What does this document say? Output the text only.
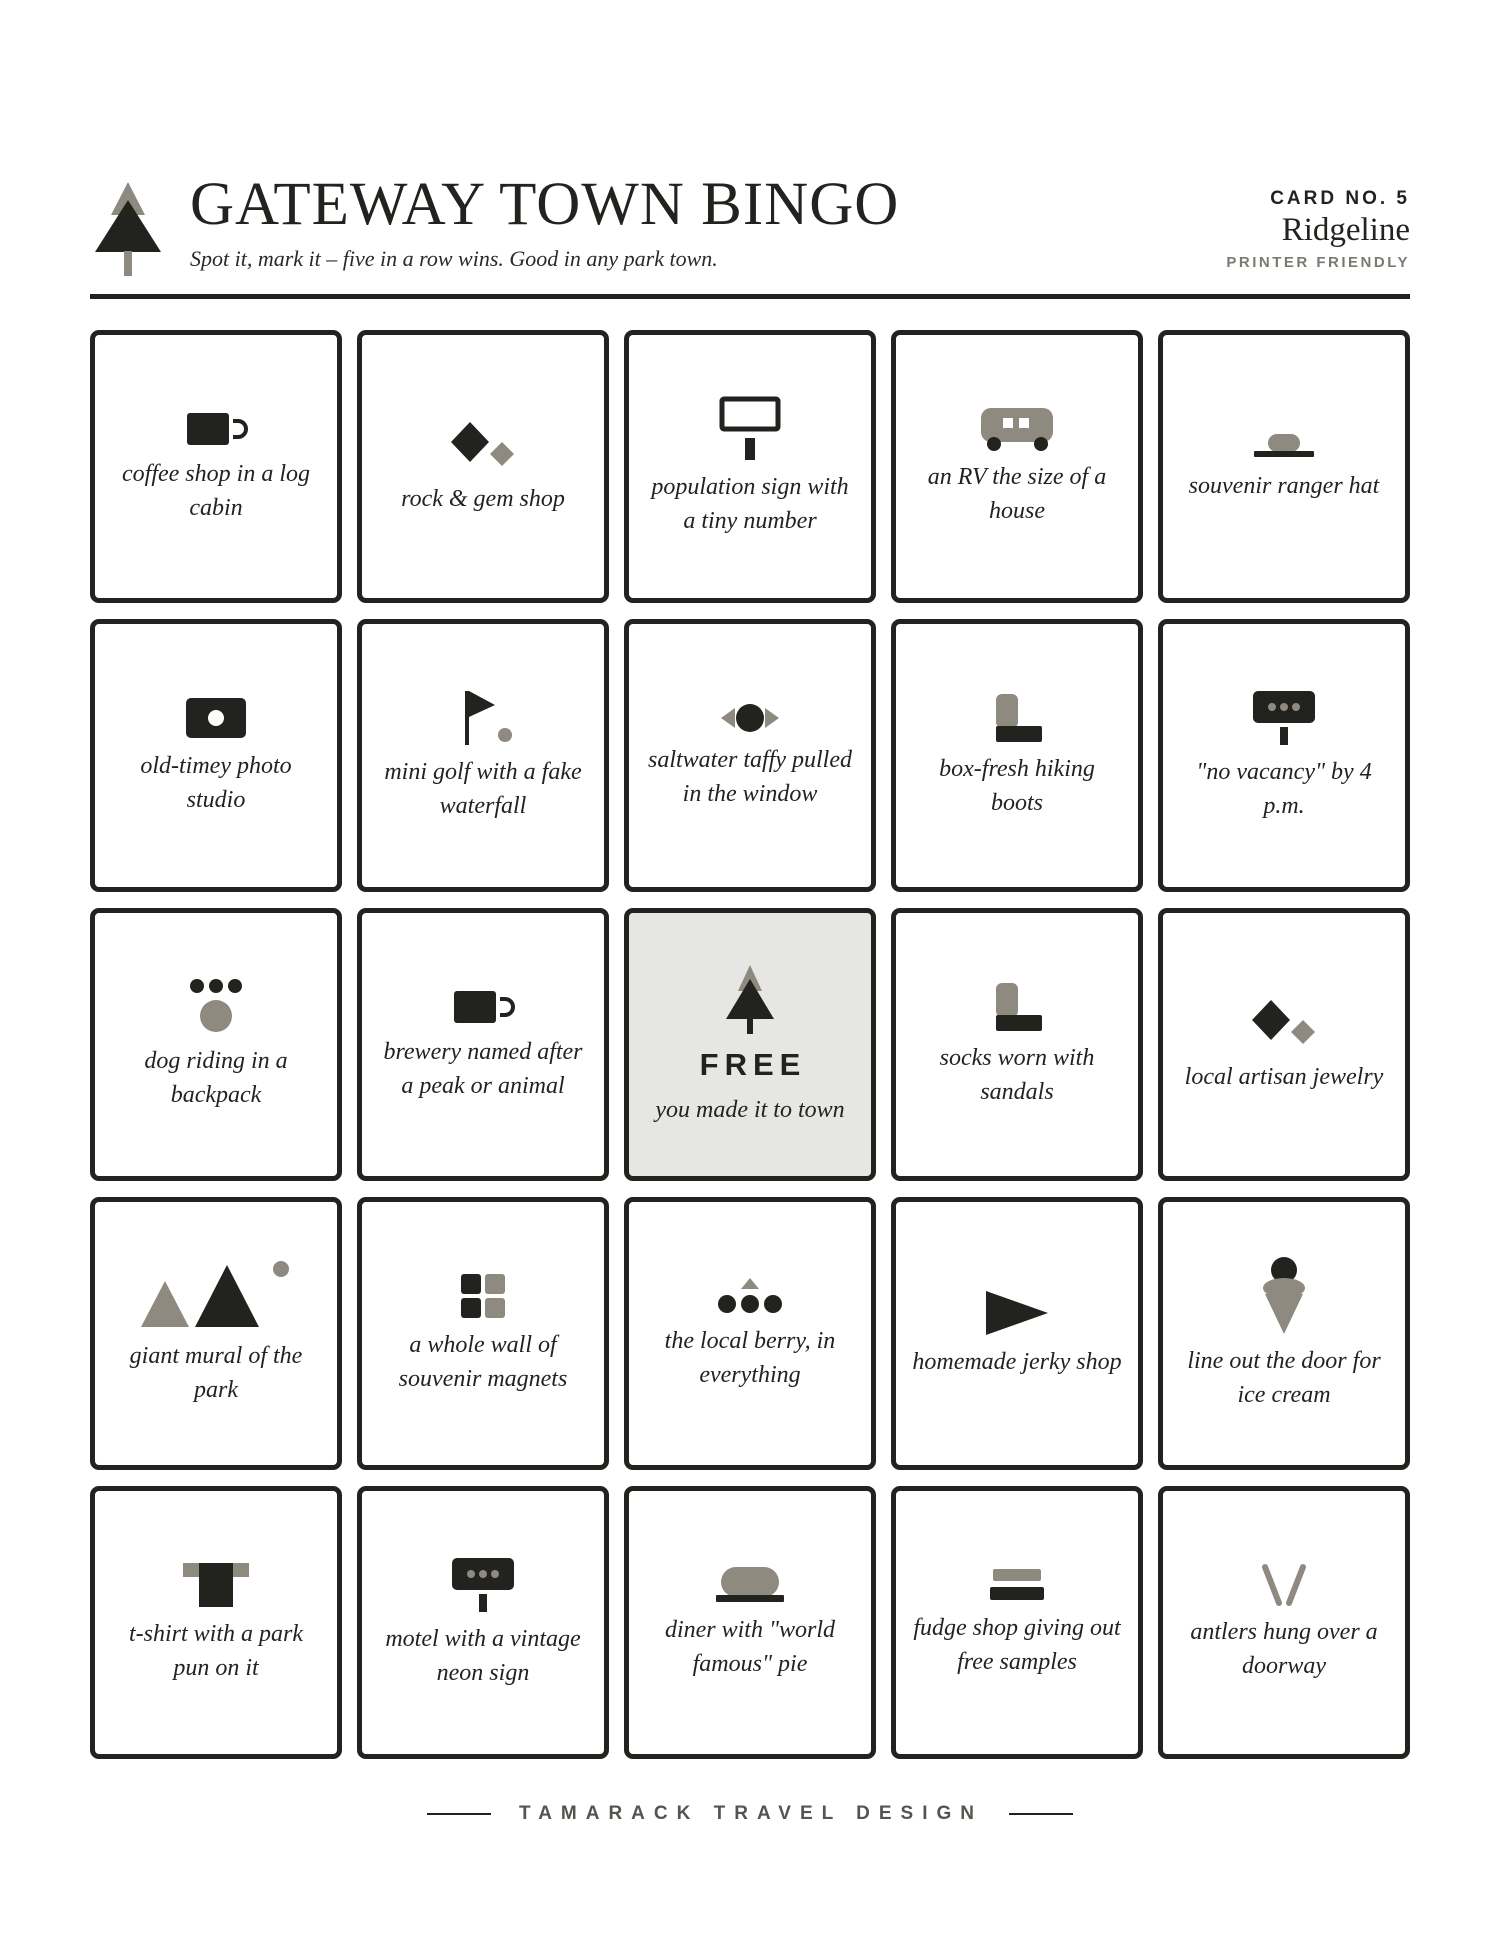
GATEWAY TOWN BINGO
Spot it, mark it – five in a row wins. Good in any park town.
CARD NO. 5
Ridgeline
PRINTER FRIENDLY
coffee shop in a log cabin	rock & gem shop	population sign with a tiny number
an RV the size of a house
souvenir ranger hat
old-timey photo studio
mini golf with a fake waterfall
saltwater taffy pulled in the window
box-fresh hiking boots
"no vacancy" by 4 p.m.
dog riding in a backpack
brewery named after a peak or animal
FREE
you made it to town
socks worn with sandals
local artisan jewelry
giant mural of the park
a whole wall of souvenir magnets
the local berry, in everything	homemade jerky shop	line out the door for ice cream
t-shirt with a park pun on it
motel with a vintage neon sign
diner with "world famous" pie
fudge shop giving out free samples
antlers hung over a doorway
TAMARACK TRAVEL DESIGN
